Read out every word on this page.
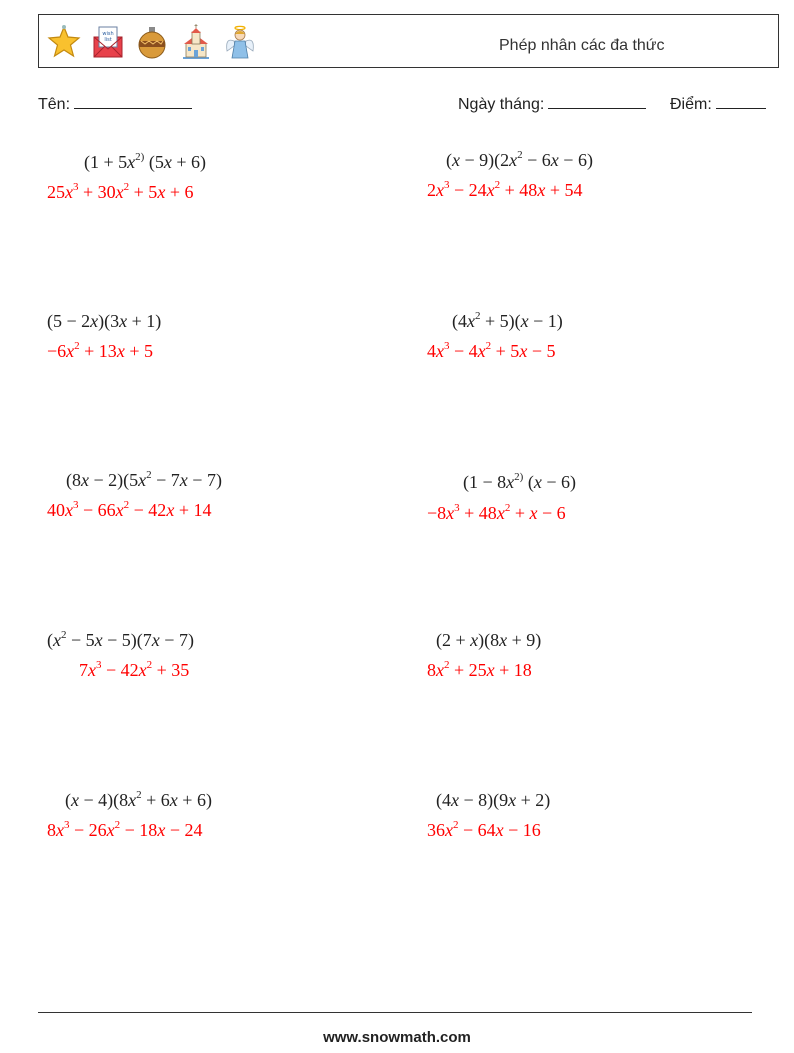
wish
list	Phép nhân các đa thức
Tên:	Ngày tháng:	Điểm:
($1 + 5x^{2)}$ (5x + 6)
$25x^3 + 30x^2 + 5x + 6$
$(x - 9)(2x^2 - 6x - 6)$
$2x^3 - 24x^2 + 48x + 54$
(5 − 2x)(3x + 1)
$-6x^2 + 13x + 5$
$(4x^2 + 5)(x - 1)$
$4x^3 - 4x^2 + 5x - 5$
$(8x - 2)(5x^2 - 7x - 7)$
$40x^3 - 66x^2 - 42x + 14$
($1 - 8x^{2)}$ (x − 6)
$-8x^3 + 48x^2 + x - 6$
$(x^2 - 5x - 5)(7x - 7)$
$7x^3 - 42x^2 + 35$
(2 + x)(8x + 9)
$8x^2 + 25x + 18$
$(x - 4)(8x^2 + 6x + 6)$
$8x^3 - 26x^2 - 18x - 24$
(4x − 8)(9x + 2)
$36x^2 - 64x - 16$
www.snowmath.com
